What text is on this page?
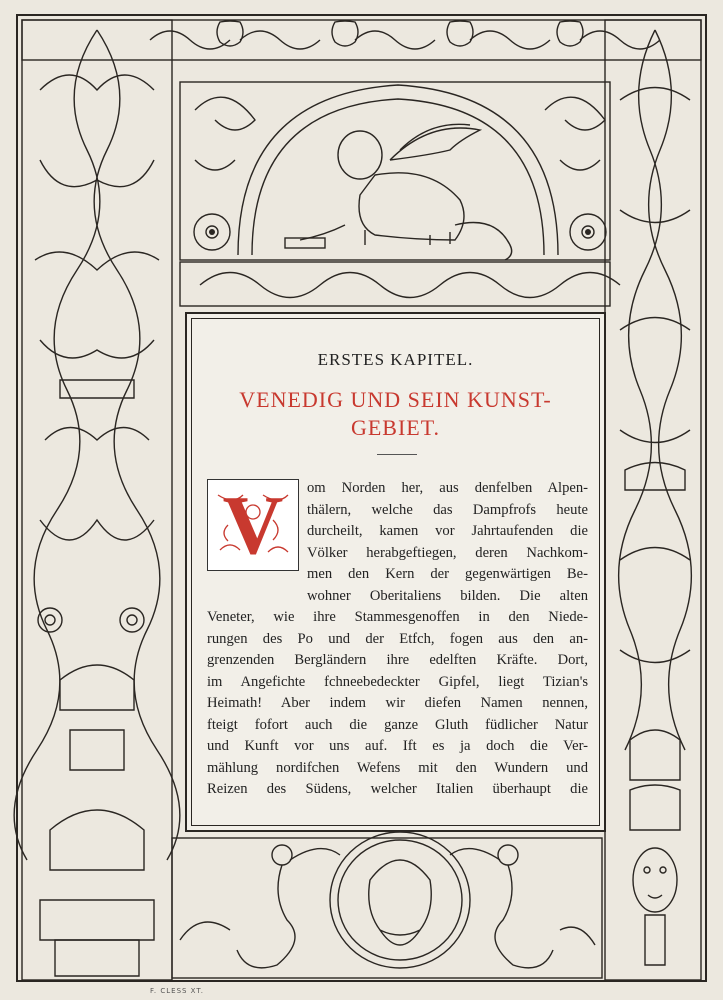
ERSTES KAPITEL.
VENEDIG UND SEIN KUNST-
GEBIET.
V	om Norden her, aus denfelben Alpen-
thälern, welche das Dampfrofs heute
durcheilt, kamen vor Jahrtaufenden die
Völker herabgeftiegen, deren Nachkom-
men den Kern der gegenwärtigen Be-
wohner Oberitaliens bilden. Die alten
Veneter, wie ihre Stammesgenoffen in den Niede-
rungen des Po und der Etfch, fogen aus den an-
grenzenden Bergländern ihre edelften Kräfte. Dort,
im Angefichte fchneebedeckter Gipfel, liegt Tizian's
Heimath! Aber indem wir diefen Namen nennen,
fteigt fofort auch die ganze Gluth füdlicher Natur
und Kunft vor uns auf. Ift es ja doch die Ver-
mählung nordifchen Wefens mit den Wundern und
Reizen des Südens, welcher Italien überhaupt die
F. CLESS XT.
